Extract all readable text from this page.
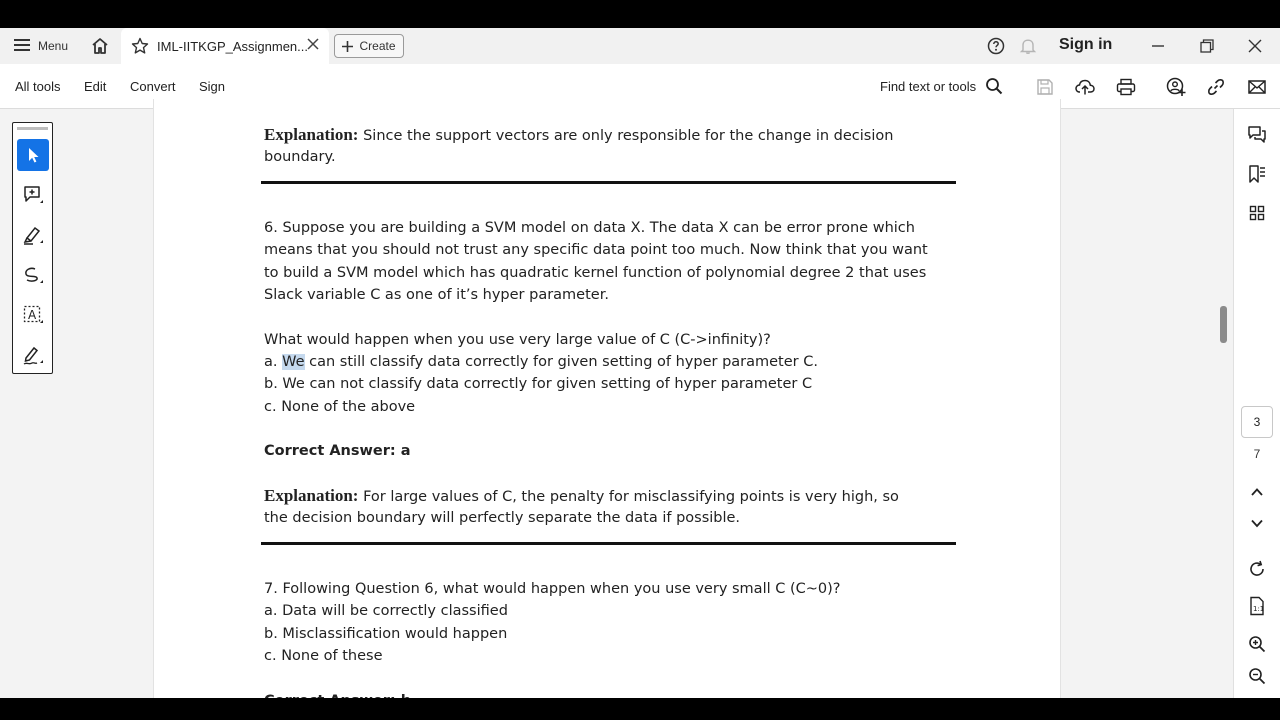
Menu	IML-IITKGP_Assignmen...	Create	Sign in
All tools Edit Convert Sign	Find text or tools
A
Explanation: Since the support vectors are only responsible for the change in decision
boundary.
6. Suppose you are building a SVM model on data X. The data X can be error prone which
means that you should not trust any specific data point too much. Now think that you want
to build a SVM model which has quadratic kernel function of polynomial degree 2 that uses
Slack variable C as one of it’s hyper parameter.
What would happen when you use very large value of C (C->infinity)?
a. We can still classify data correctly for given setting of hyper parameter C.
b. We can not classify data correctly for given setting of hyper parameter C
c. None of the above
Correct Answer: a
Explanation: For large values of C, the penalty for misclassifying points is very high, so
the decision boundary will perfectly separate the data if possible.
7. Following Question 6, what would happen when you use very small C (C~0)?
a. Data will be correctly classified
b. Misclassification would happen
c. None of these
3
7
1:1
